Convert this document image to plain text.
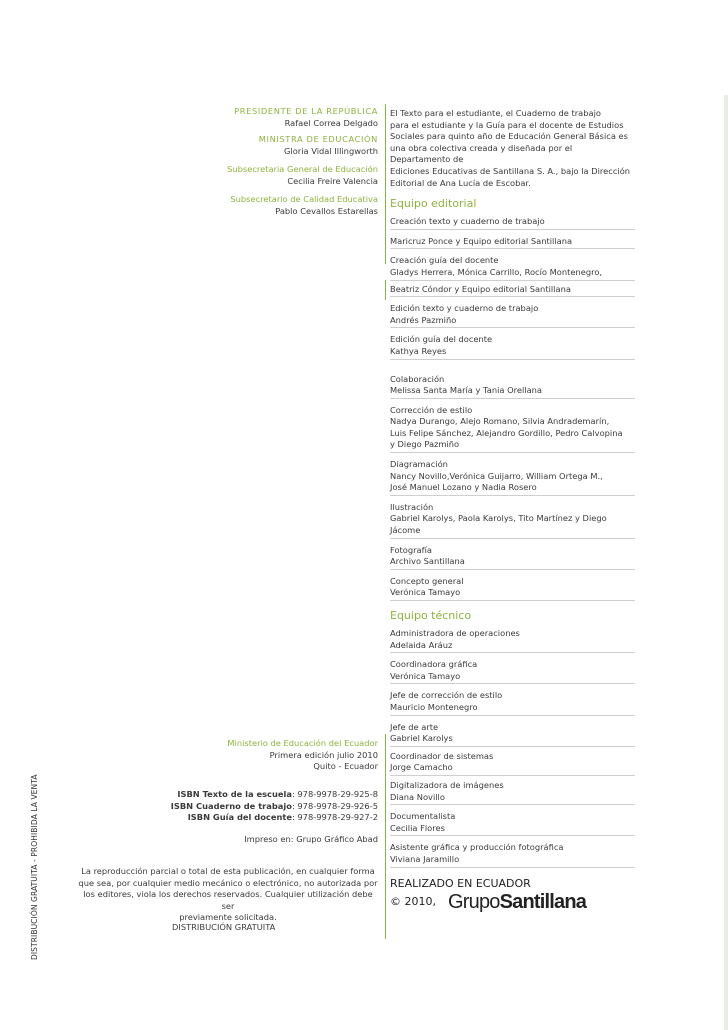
DISTRIBUCIÓN GRATUITA - PROHIBIDA LA VENTA
PRESIDENTE DE LA REPÚBLICA
Rafael Correa Delgado
MINISTRA DE EDUCACIÓN
Gloria Vidal Illingworth
Subsecretaria General de Educación
Cecilia Freire Valencia
Subsecretario de Calidad Educativa
Pablo Cevallos Estarellas
Ministerio de Educación del Ecuador
Primera edición julio 2010
Quito - Ecuador
ISBN Texto de la escuela: 978-9978-29-925-8
ISBN Cuaderno de trabajo: 978-9978-29-926-5
ISBN Guía del docente: 978-9978-29-927-2
Impreso en: Grupo Gráfico Abad
La reproducción parcial o total de esta publicación, en cualquier forma
que sea, por cualquier medio mecánico o electrónico, no autorizada por
los editores, viola los derechos reservados. Cualquier utilización debe ser
previamente solicitada.
DISTRIBUCIÓN GRATUITA
El Texto para el estudiante, el Cuaderno de trabajo
para el estudiante y la Guía para el docente de Estudios
Sociales para quinto año de Educación General Básica es
una obra colectiva creada y diseñada por el Departamento de
Ediciones Educativas de Santillana S. A., bajo la Dirección
Editorial de Ana Lucía de Escobar.
Equipo editorial
Creación texto y cuaderno de trabajo
Maricruz Ponce y Equipo editorial Santillana
Creación guía del docente
Gladys Herrera, Mónica Carrillo, Rocío Montenegro,
Beatriz Cóndor y Equipo editorial Santillana
Edición texto y cuaderno de trabajo
Andrés Pazmiño
Edición guía del docente
Kathya Reyes
Colaboración
Melissa Santa María y Tania Orellana
Corrección de estilo
Nadya Durango, Alejo Romano, Silvia Andrademarín,
Luis Felipe Sánchez, Alejandro Gordillo, Pedro Calvopina
y Diego Pazmiño
Diagramación
Nancy Novillo,Verónica Guijarro, William Ortega M.,
José Manuel Lozano y Nadia Rosero
Ilustración
Gabriel Karolys, Paola Karolys, Tito Martínez y Diego Jácome
Fotografía
Archivo Santillana
Concepto general
Verónica Tamayo
Equipo técnico
Administradora de operaciones
Adelaida Aráuz
Coordinadora gráfica
Verónica Tamayo
Jefe de corrección de estilo
Mauricio Montenegro
Jefe de arte
Gabriel Karolys
Coordinador de sistemas
Jorge Camacho
Digitalizadora de imágenes
Diana Novillo
Documentalista
Cecilia Flores
Asistente gráfica y producción fotográfica
Viviana Jaramillo
REALIZADO EN ECUADOR
© 2010, GrupoSantillana
